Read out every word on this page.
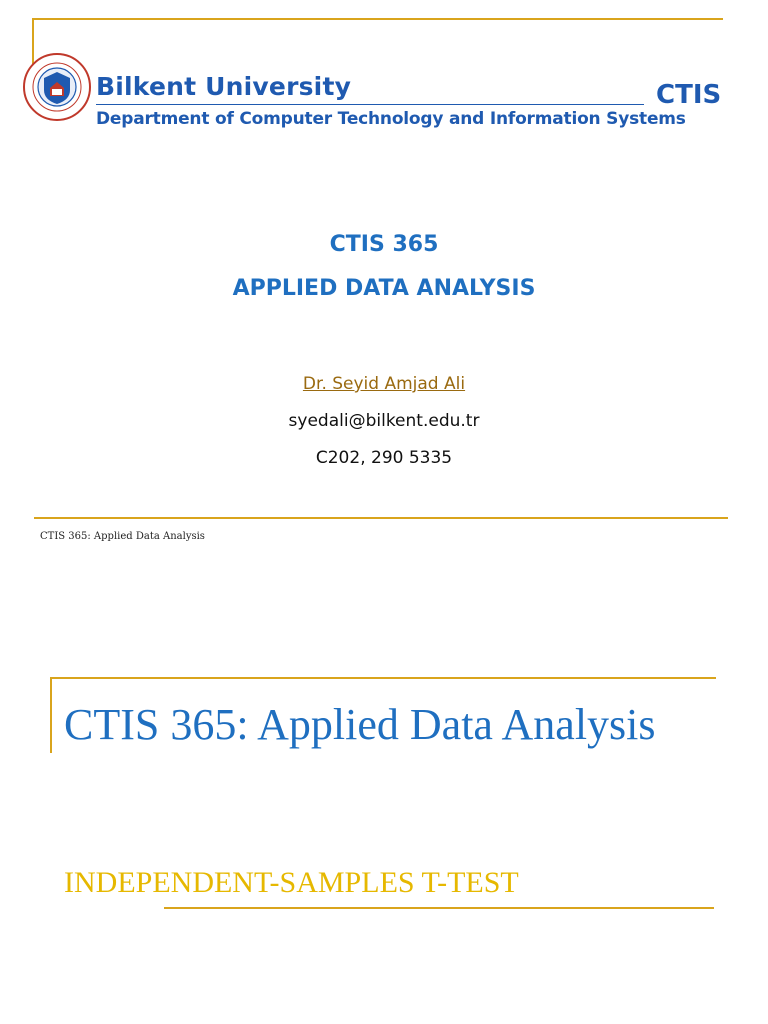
Bilkent University
Department of Computer Technology and Information Systems
CTIS
CTIS 365
APPLIED DATA ANALYSIS
Dr. Seyid Amjad Ali
syedali@bilkent.edu.tr
C202, 290 5335
CTIS 365: Applied Data Analysis
CTIS 365: Applied Data Analysis
INDEPENDENT-SAMPLES T-TEST
